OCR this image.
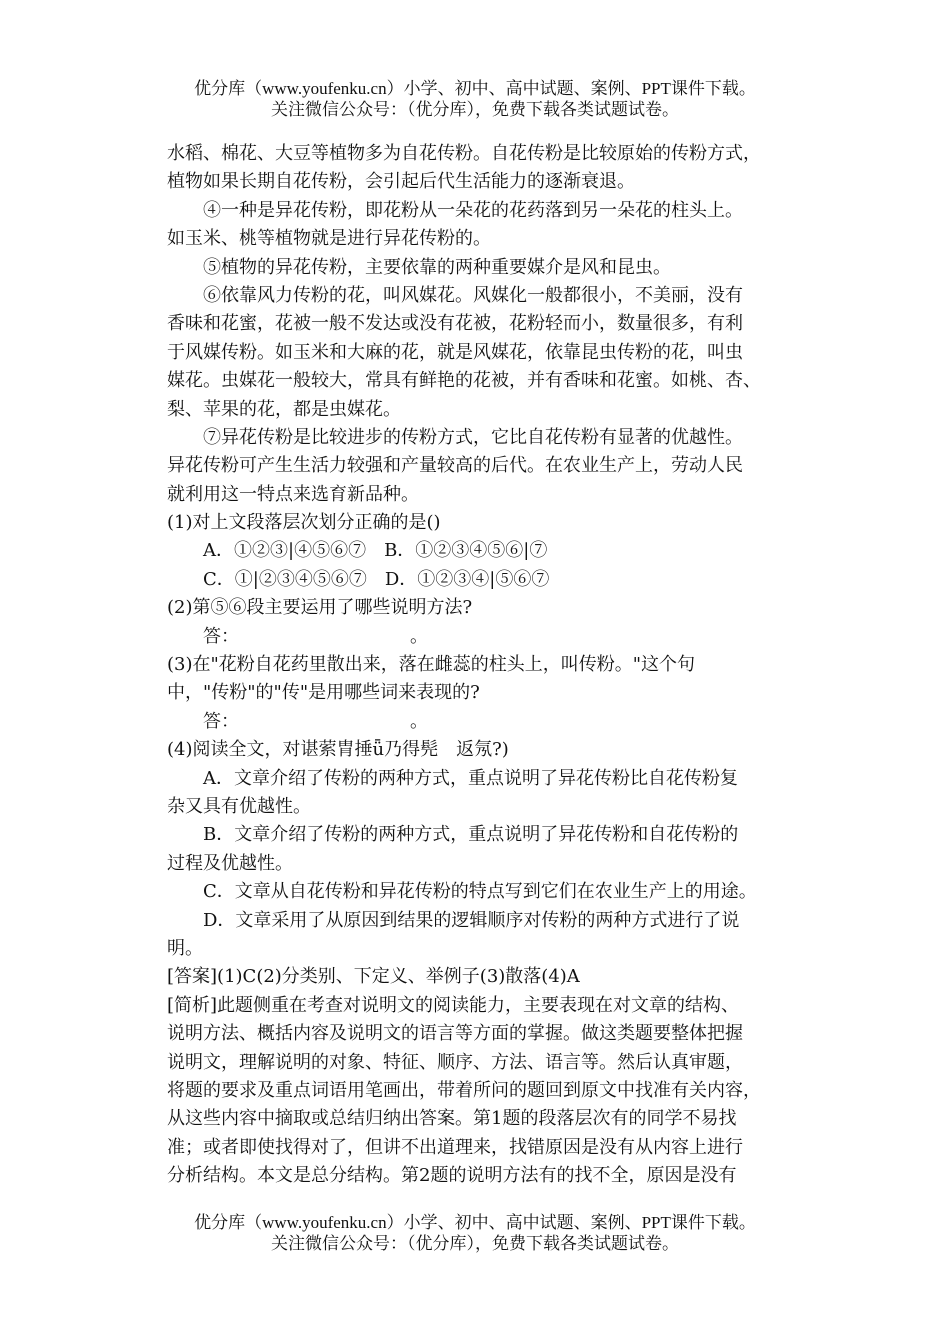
优分库（www.youfenku.cn）小学、初中、高中试题、案例、PPT课件下载。
关注微信公众号：（优分库），免费下载各类试题试卷。
水稻、棉花、大豆等植物多为自花传粉。自花传粉是比较原始的传粉方式，
植物如果长期自花传粉，会引起后代生活能力的逐渐衰退。
④一种是异花传粉，即花粉从一朵花的花药落到另一朵花的柱头上。
如玉米、桃等植物就是进行异花传粉的。
⑤植物的异花传粉，主要依靠的两种重要媒介是风和昆虫。
⑥依靠风力传粉的花，叫风媒花。风媒化一般都很小，不美丽，没有
香味和花蜜，花被一般不发达或没有花被，花粉轻而小，数量很多，有利
于风媒传粉。如玉米和大麻的花，就是风媒花，依靠昆虫传粉的花，叫虫
媒花。虫媒花一般较大，常具有鲜艳的花被，并有香味和花蜜。如桃、杏、
梨、苹果的花，都是虫媒花。
⑦异花传粉是比较进步的传粉方式，它比自花传粉有显著的优越性。
异花传粉可产生生活力较强和产量较高的后代。在农业生产上，劳动人民
就利用这一特点来选育新品种。
(1)对上文段落层次划分正确的是()
A．①②③|④⑤⑥⑦　B．①②③④⑤⑥|⑦
C．①|②③④⑤⑥⑦　D．①②③④|⑤⑥⑦
(2)第⑤⑥段主要运用了哪些说明方法?
答：　　　　　　　　　　。
(3)在"花粉自花药里散出来，落在雌蕊的柱头上，叫传粉。"这个句
中，"传粉"的"传"是用哪些词来表现的?
答：　　　　　　　　　　。
(4)阅读全文，对谌萦胄捶ǖ乃得髡　返氖?)
A．文章介绍了传粉的两种方式，重点说明了异花传粉比自花传粉复
杂又具有优越性。
B．文章介绍了传粉的两种方式，重点说明了异花传粉和自花传粉的
过程及优越性。
C．文章从自花传粉和异花传粉的特点写到它们在农业生产上的用途。
D．文章采用了从原因到结果的逻辑顺序对传粉的两种方式进行了说
明。
[答案](1)C(2)分类别、下定义、举例子(3)散落(4)A
[简析]此题侧重在考查对说明文的阅读能力，主要表现在对文章的结构、
说明方法、概括内容及说明文的语言等方面的掌握。做这类题要整体把握
说明文，理解说明的对象、特征、顺序、方法、语言等。然后认真审题，
将题的要求及重点词语用笔画出，带着所问的题回到原文中找准有关内容，
从这些内容中摘取或总结归纳出答案。第1题的段落层次有的同学不易找
准；或者即使找得对了，但讲不出道理来，找错原因是没有从内容上进行
分析结构。本文是总分结构。第2题的说明方法有的找不全，原因是没有
优分库（www.youfenku.cn）小学、初中、高中试题、案例、PPT课件下载。
关注微信公众号：（优分库），免费下载各类试题试卷。
